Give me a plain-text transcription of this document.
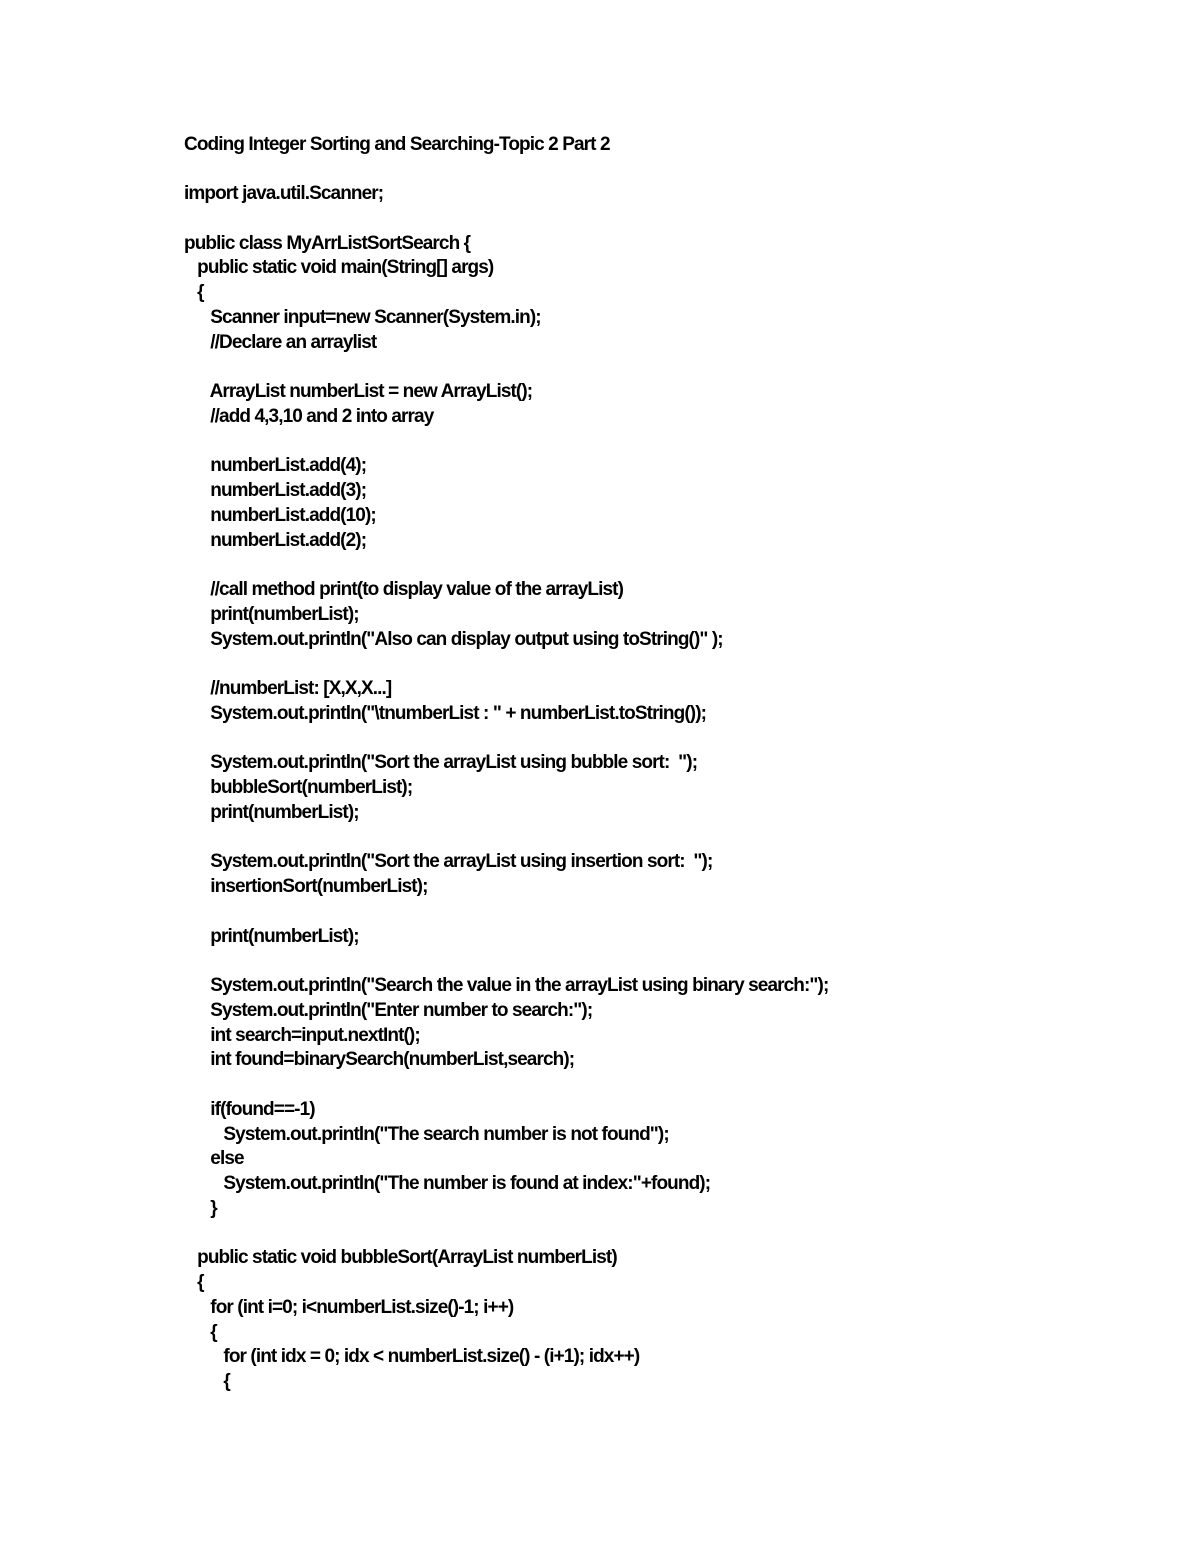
Coding Integer Sorting and Searching-Topic 2 Part 2
import java.util.Scanner;
public class MyArrListSortSearch {
public static void main(String[] args)
{
Scanner input=new Scanner(System.in);
//Declare an arraylist
ArrayList numberList = new ArrayList();
//add 4,3,10 and 2 into array
numberList.add(4);
numberList.add(3);
numberList.add(10);
numberList.add(2);
//call method print(to display value of the arrayList)
print(numberList);
System.out.println("Also can display output using toString()" );
//numberList: [X,X,X...]
System.out.println("\tnumberList : " + numberList.toString());
System.out.println("Sort the arrayList using bubble sort:  ");
bubbleSort(numberList);
print(numberList);
System.out.println("Sort the arrayList using insertion sort:  ");
insertionSort(numberList);
print(numberList);
System.out.println("Search the value in the arrayList using binary search:");
System.out.println("Enter number to search:");
int search=input.nextInt();
int found=binarySearch(numberList,search);
if(found==-1)
System.out.println("The search number is not found");
else
System.out.println("The number is found at index:"+found);
}
public static void bubbleSort(ArrayList numberList)
{
for (int i=0; i<numberList.size()-1; i++)
{
for (int idx = 0; idx < numberList.size() - (i+1); idx++)
{
